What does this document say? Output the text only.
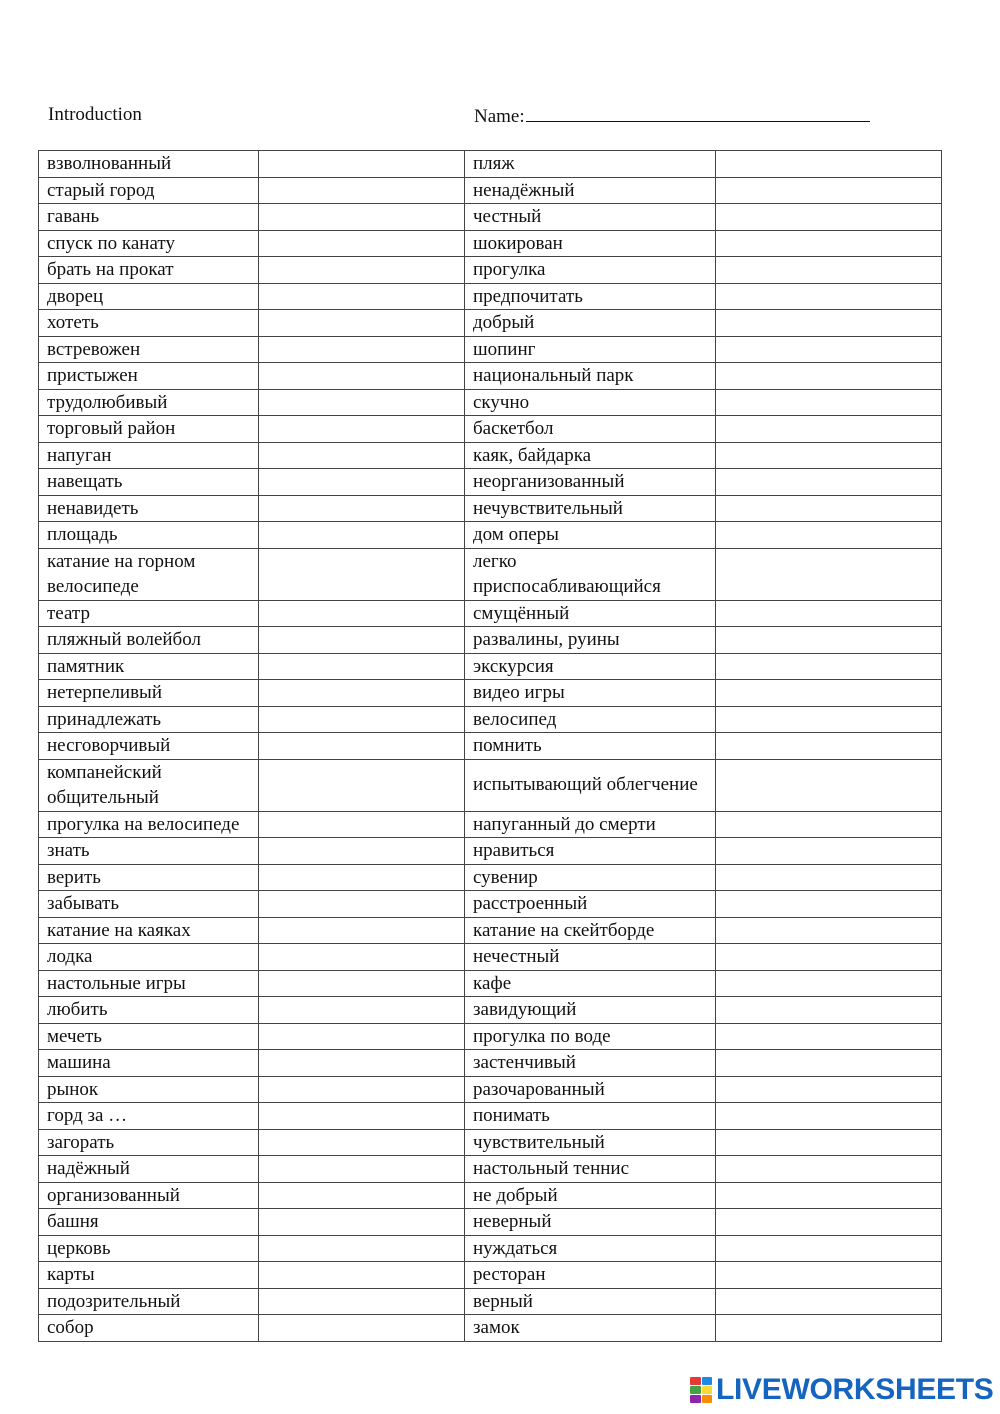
Introduction	Name:
взволнованный		пляж	
старый город		ненадёжный	
гавань		честный	
спуск по канату		шокирован	
брать на прокат		прогулка	
дворец		предпочитать	
хотеть		добрый	
встревожен		шопинг	
пристыжен		национальный парк	
трудолюбивый		скучно	
торговый район		баскетбол	
напуган		каяк, байдарка	
навещать		неорганизованный	
ненавидеть		нечувствительный	
площадь		дом оперы	
катание на горном велосипеде		легко приспосабливающийся	
театр		смущённый	
пляжный волейбол		развалины, руины	
памятник		экскурсия	
нетерпеливый		видео игры	
принадлежать		велосипед	
несговорчивый		помнить	
компанейский общительный		испытывающий облегчение	
прогулка на велосипеде		напуганный до смерти	
знать		нравиться	
верить		сувенир	
забывать		расстроенный	
катание на каяках		катание на скейтборде	
лодка		нечестный	
настольные игры		кафе	
любить		завидующий	
мечеть		прогулка по воде	
машина		застенчивый	
рынок		разочарованный	
горд за …		понимать	
загорать		чувствительный	
надёжный		настольный теннис	
организованный		не добрый	
башня		неверный	
церковь		нуждаться	
карты		ресторан	
подозрительный		верный	
собор		замок	
LIVEWORKSHEETS
